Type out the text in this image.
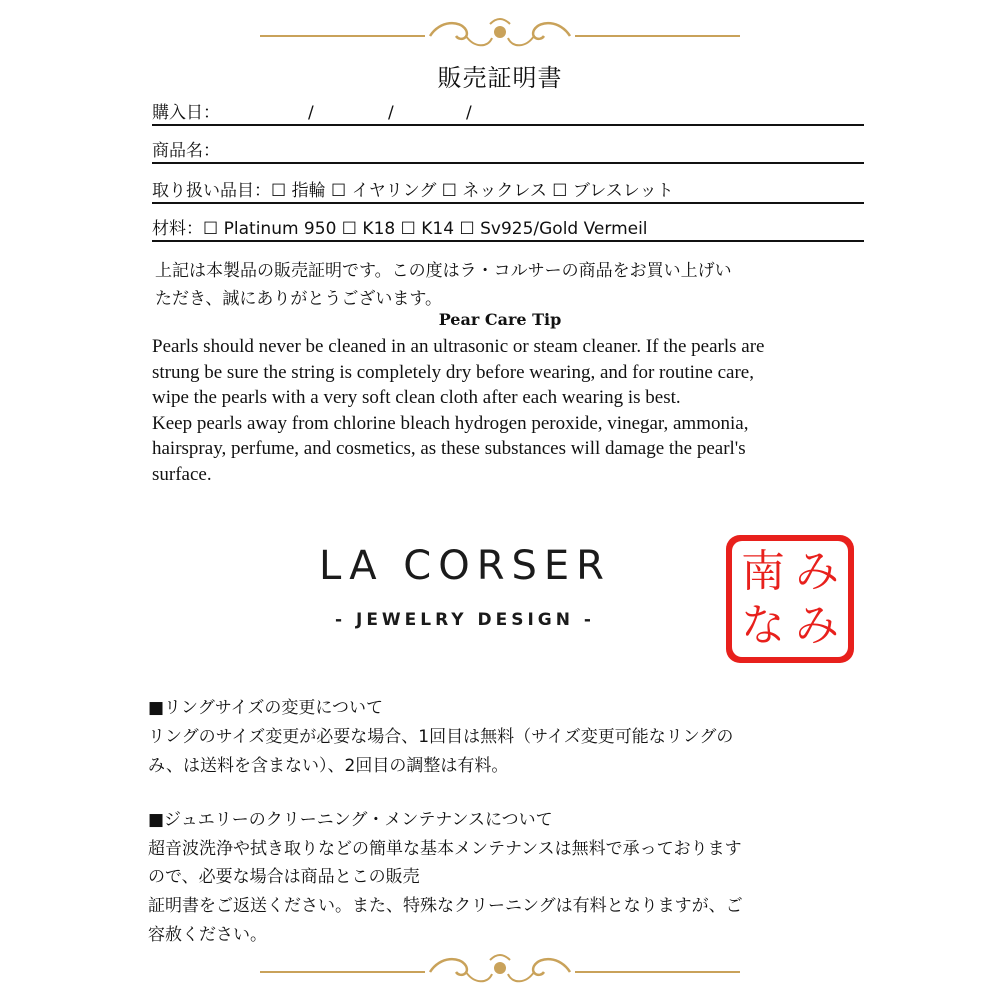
販売証明書
購入日：	/	/	/
商品名：
取り扱い品目：☐ 指輪 ☐ イヤリング ☐ ネックレス ☐ ブレスレット
材料：☐ Platinum 950 ☐ K18 ☐ K14 ☐ Sv925/Gold Vermeil
上記は本製品の販売証明です。この度はラ・コルサーの商品をお買い上げい
ただき、誠にありがとうございます。
Pear Care Tip
Pearls should never be cleaned in an ultrasonic or steam cleaner. If the pearls are
strung be sure the string is completely dry before wearing, and for routine care,
wipe the pearls with a very soft clean cloth after each wearing is best.
Keep pearls away from chlorine bleach hydrogen peroxide, vinegar, ammonia,
hairspray, perfume, and cosmetics, as these substances will damage the pearl's
surface.
LA CORSER
- JEWELRY DESIGN -
南 み
な み
■リングサイズの変更について
リングのサイズ変更が必要な場合、1回目は無料（サイズ変更可能なリングの
み、は送料を含まない）、2回目の調整は有料。
■ジュエリーのクリーニング・メンテナンスについて
超音波洗浄や拭き取りなどの簡単な基本メンテナンスは無料で承っております
ので、必要な場合は商品とこの販売
証明書をご返送ください。また、特殊なクリーニングは有料となりますが、ご
容赦ください。
